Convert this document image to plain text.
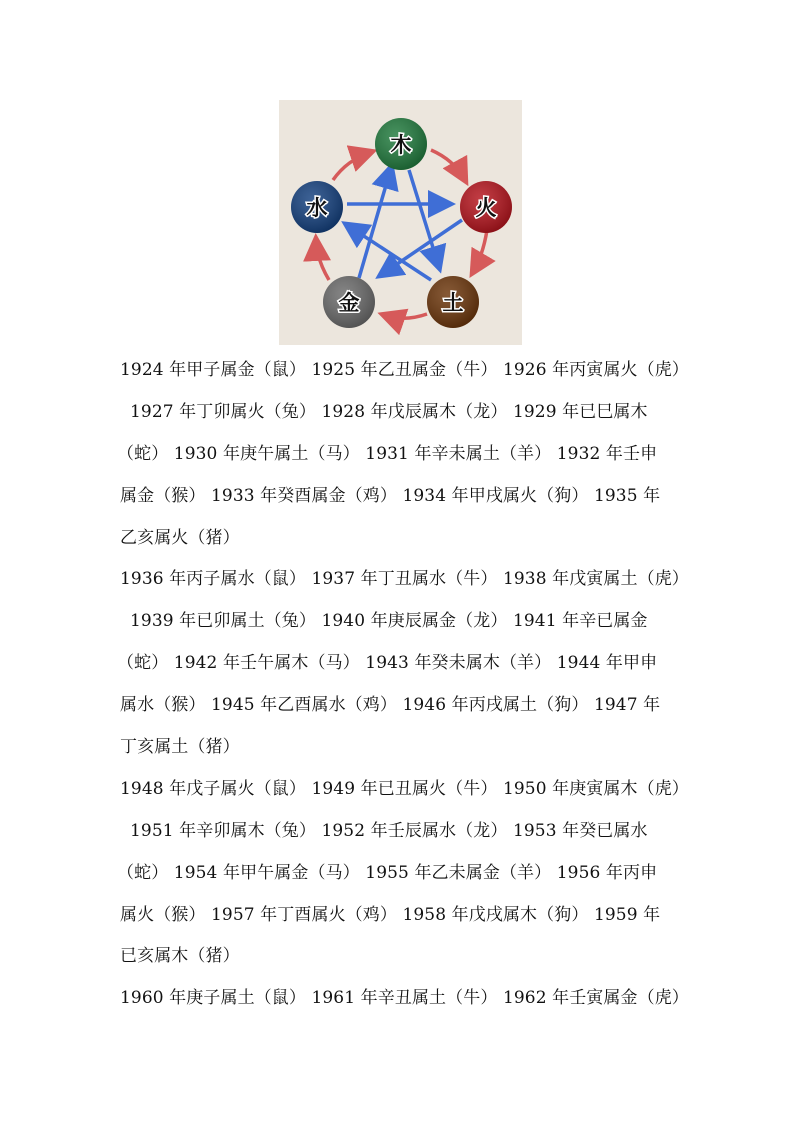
木
火
土
金
水
1924 年甲子属金（鼠） 1925 年乙丑属金（牛） 1926 年丙寅属火（虎）
1927 年丁卯属火（兔） 1928 年戊辰属木（龙） 1929 年已巳属木
（蛇） 1930 年庚午属土（马） 1931 年辛未属土（羊） 1932 年壬申
属金（猴） 1933 年癸酉属金（鸡） 1934 年甲戌属火（狗） 1935 年
乙亥属火（猪）
1936 年丙子属水（鼠） 1937 年丁丑属水（牛） 1938 年戊寅属土（虎）
1939 年已卯属土（兔） 1940 年庚辰属金（龙） 1941 年辛已属金
（蛇） 1942 年壬午属木（马） 1943 年癸未属木（羊） 1944 年甲申
属水（猴） 1945 年乙酉属水（鸡） 1946 年丙戌属土（狗） 1947 年
丁亥属土（猪）
1948 年戊子属火（鼠） 1949 年已丑属火（牛） 1950 年庚寅属木（虎）
1951 年辛卯属木（兔） 1952 年壬辰属水（龙） 1953 年癸已属水
（蛇） 1954 年甲午属金（马） 1955 年乙未属金（羊） 1956 年丙申
属火（猴） 1957 年丁酉属火（鸡） 1958 年戊戌属木（狗） 1959 年
已亥属木（猪）
1960 年庚子属土（鼠） 1961 年辛丑属土（牛） 1962 年壬寅属金（虎）
